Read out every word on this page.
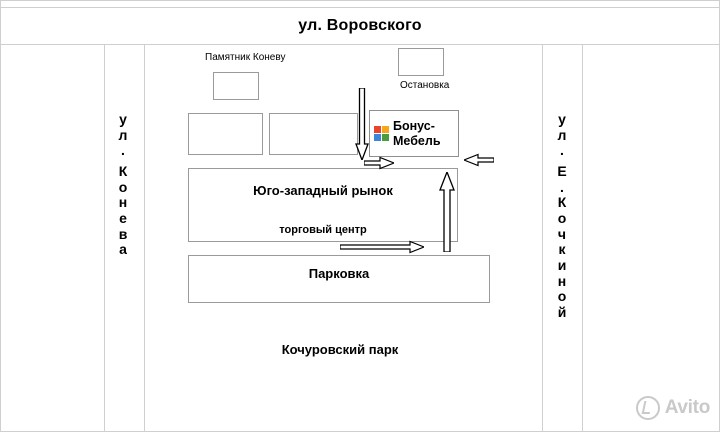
ул. Воровского
у
л
.
К
о
н
е
в
а
у
л
.
Е
.
К
о
ч
к
и
н
о
й
Памятник Коневу
Остановка
Бонус-
Мебель
Юго-западный рынок
торговый центр
Парковка
Кочуровский парк
Avito
